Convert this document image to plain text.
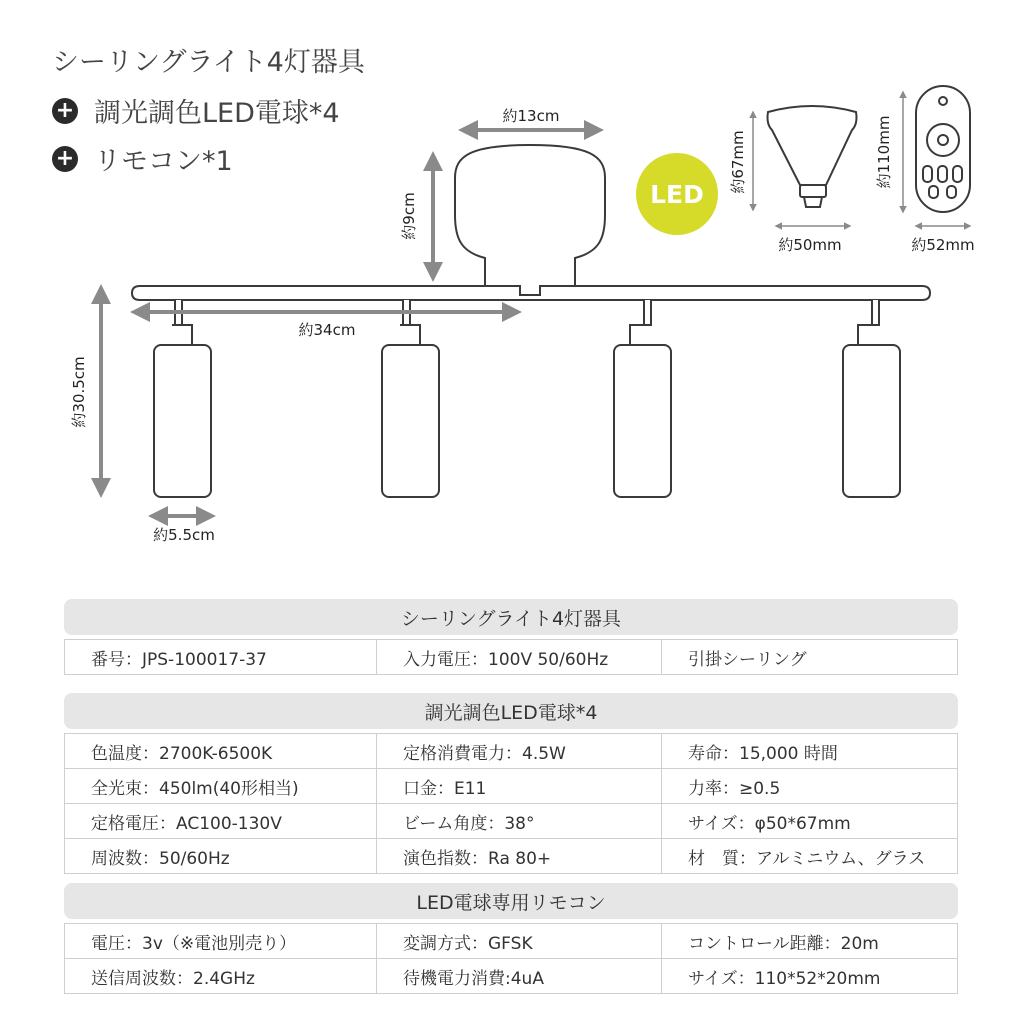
シーリングライト4灯器具
+ 調光調色LED電球*4
+ リモコン*1
約13cm
約9cm
約34cm
約30.5cm
約5.5cm
約67mm
約50mm
約110mm
約52mm
LED
シーリングライト4灯器具
番号：JPS-100017-37	入力電圧：100V 50/60Hz	引掛シーリング
調光調色LED電球*4
色温度：2700K-6500K	定格消費電力：4.5W	寿命：15,000 時間
全光束：450lm(40形相当)	口金：E11	力率：≥0.5
定格電圧：AC100-130V	ビーム角度：38°	サイズ：φ50*67mm
周波数：50/60Hz	演色指数：Ra 80+	材　質：アルミニウム、グラス
LED電球専用リモコン
電圧：3v（※電池別売り）	変調方式：GFSK	コントロール距離：20m
送信周波数：2.4GHz	待機電力消費:4uA	サイズ：110*52*20mm
